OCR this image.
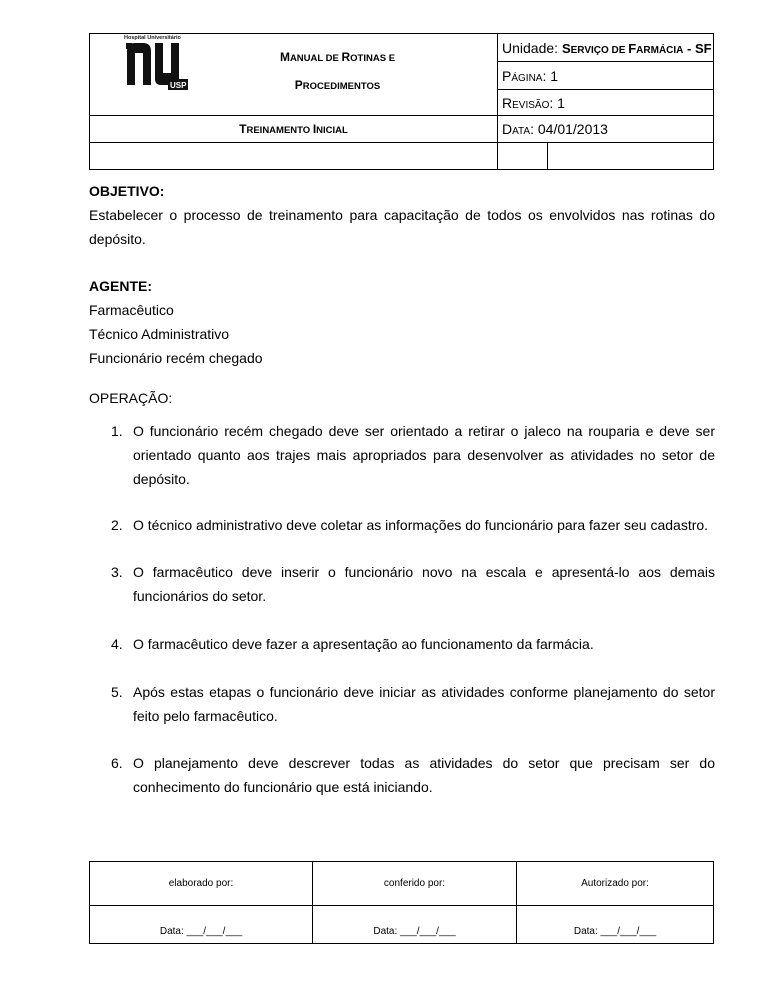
	Unidade: SERVIÇO DE FARMÁCIA - SF	
	PÁGINA: 1	
	REVISÃO: 1	
TREINAMENTO INICIAL	DATA: 04/01/2013	

Hospital Universitário
USP
MANUAL DE ROTINAS E
PROCEDIMENTOS
OBJETIVO:
Estabelecer o processo de treinamento para capacitação de todos os envolvidos nas rotinas do depósito.
AGENTE:
Farmacêutico
Técnico Administrativo
Funcionário recém chegado
OPERAÇÃO:
1. O funcionário recém chegado deve ser orientado a retirar o jaleco na rouparia e deve ser orientado quanto aos trajes mais apropriados para desenvolver as atividades no setor de depósito.
2. O técnico administrativo deve coletar as informações do funcionário para fazer seu cadastro.
3. O farmacêutico deve inserir o funcionário novo na escala e apresentá-lo aos demais funcionários do setor.
4. O farmacêutico deve fazer a apresentação ao funcionamento da farmácia.
5. Após estas etapas o funcionário deve iniciar as atividades conforme planejamento do setor feito pelo farmacêutico.
6. O planejamento deve descrever todas as atividades do setor que precisam ser do conhecimento do funcionário que está iniciando.
elaborado por:	conferido por:	Autorizado por:
Data: ___/___/___	Data: ___/___/___	Data: ___/___/___
